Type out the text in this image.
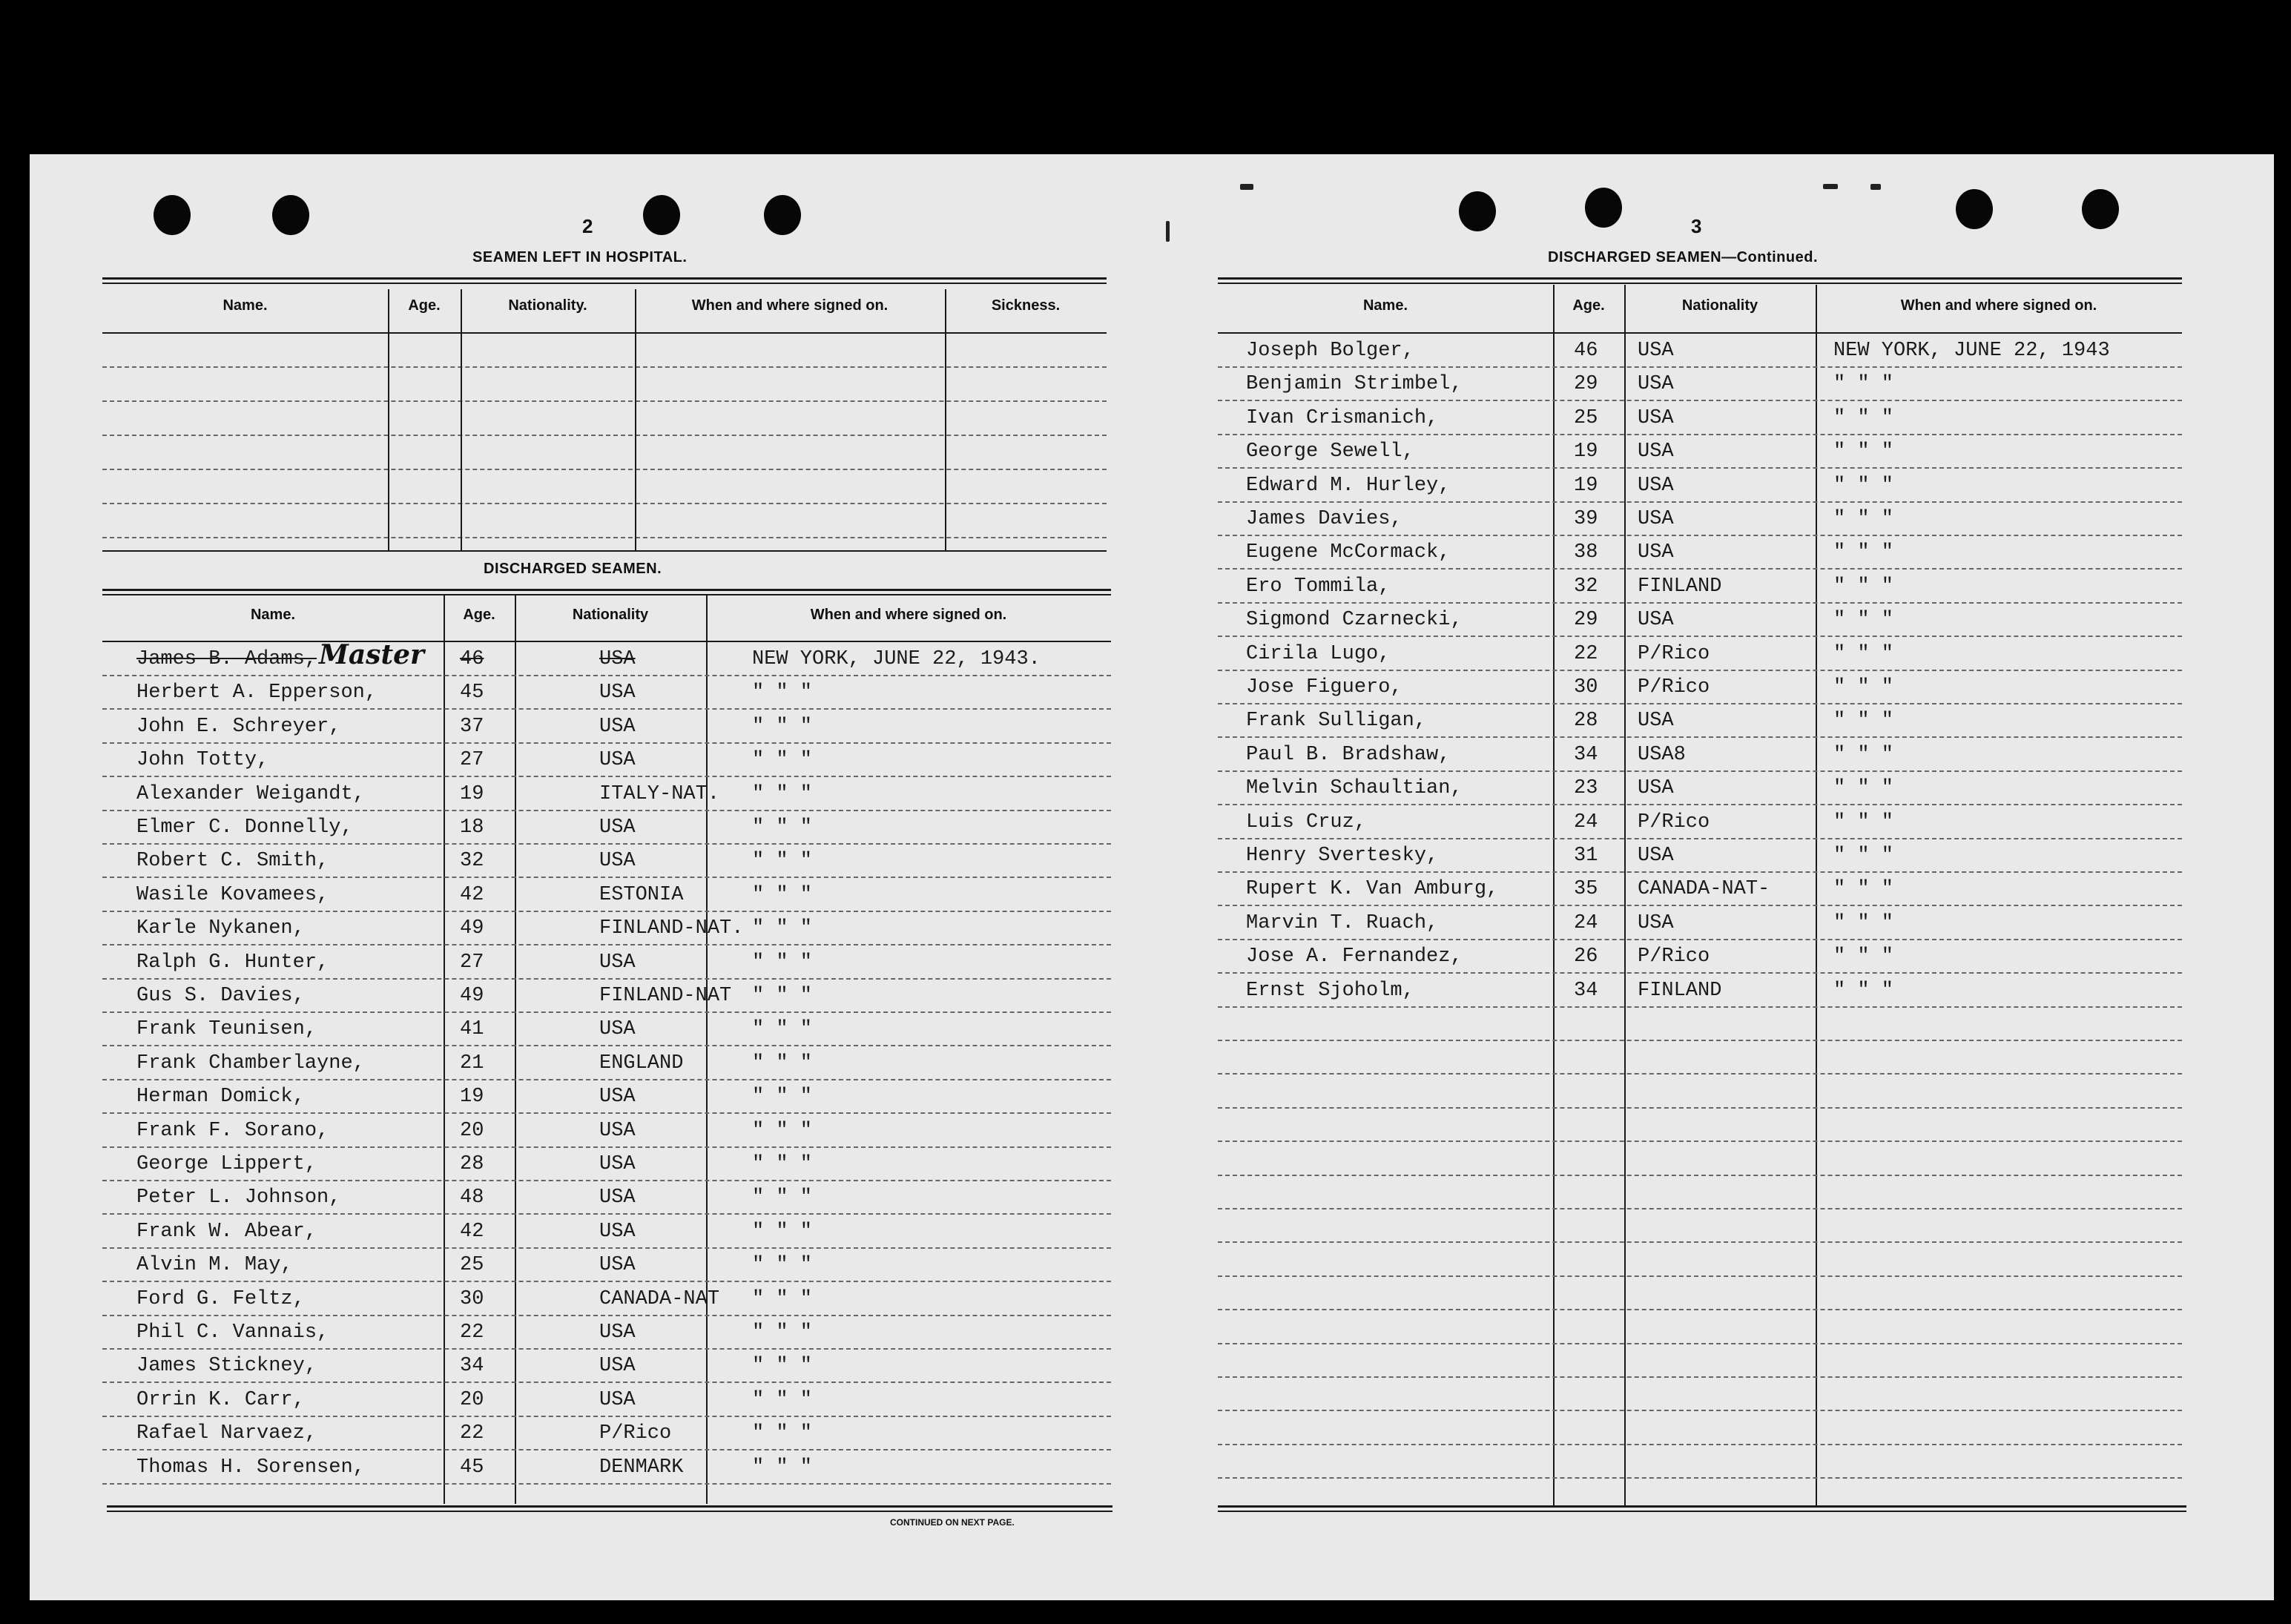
2
SEAMEN LEFT IN HOSPITAL.
Name.	Age.	Nationality.	When and where signed on.	Sickness.
DISCHARGED SEAMEN.
Name.	Age.	Nationality	When and where signed on.
James B. Adams,	46	USA	NEW YORK, JUNE 22, 1943.
Master
Herbert A. Epperson,	45	USA	" " "
John E. Schreyer,	37	USA	" " "
John Totty,	27	USA	" " "
Alexander Weigandt,	19	ITALY-NAT. " " "
Elmer C. Donnelly,	18	USA	" " "
Robert C. Smith,	32	USA	" " "
Wasile Kovamees,	42	ESTONIA	" " "
Karle Nykanen,	49	FINLAND-NAT. " " "
Ralph G. Hunter,	27	USA	" " "
Gus S. Davies,	49	FINLAND-NAT " " "
Frank Teunisen,	41	USA	" " "
Frank Chamberlayne,	21	ENGLAND	" " "
Herman Domick,	19	USA	" " "
Frank F. Sorano,	20	USA	" " "
George Lippert,	28	USA	" " "
Peter L. Johnson,	48	USA	" " "
Frank W. Abear,	42	USA	" " "
Alvin M. May,	25	USA	" " "
Ford G. Feltz,	30	CANADA-NAT " " "
Phil C. Vannais,	22	USA	" " "
James Stickney,	34	USA	" " "
Orrin K. Carr,	20	USA	" " "
Rafael Narvaez,	22	P/Rico	" " "
Thomas H. Sorensen,	45	DENMARK	" " "
CONTINUED ON NEXT PAGE.
3
DISCHARGED SEAMEN—Continued.
Name.	Age.	Nationality	When and where signed on.
Joseph Bolger,	46 USA	NEW YORK, JUNE 22, 1943
Benjamin Strimbel,	29 USA	" " "
Ivan Crismanich,	25 USA	" " "
George Sewell,	19 USA	" " "
Edward M. Hurley,	19 USA	" " "
James Davies,	39 USA	" " "
Eugene McCormack,	38 USA	" " "
Ero Tommila,	32 FINLAND	" " "
Sigmond Czarnecki,	29 USA	" " "
Cirila Lugo,	22 P/Rico	" " "
Jose Figuero,	30 P/Rico	" " "
Frank Sulligan,	28 USA	" " "
Paul B. Bradshaw,	34 USA8	" " "
Melvin Schaultian,	23 USA	" " "
Luis Cruz,	24 P/Rico	" " "
Henry Svertesky,	31 USA	" " "
Rupert K. Van Amburg,	35 CANADA-NAT-	" " "
Marvin T. Ruach,	24 USA	" " "
Jose A. Fernandez,	26 P/Rico	" " "
Ernst Sjoholm,	34 FINLAND	" " "
